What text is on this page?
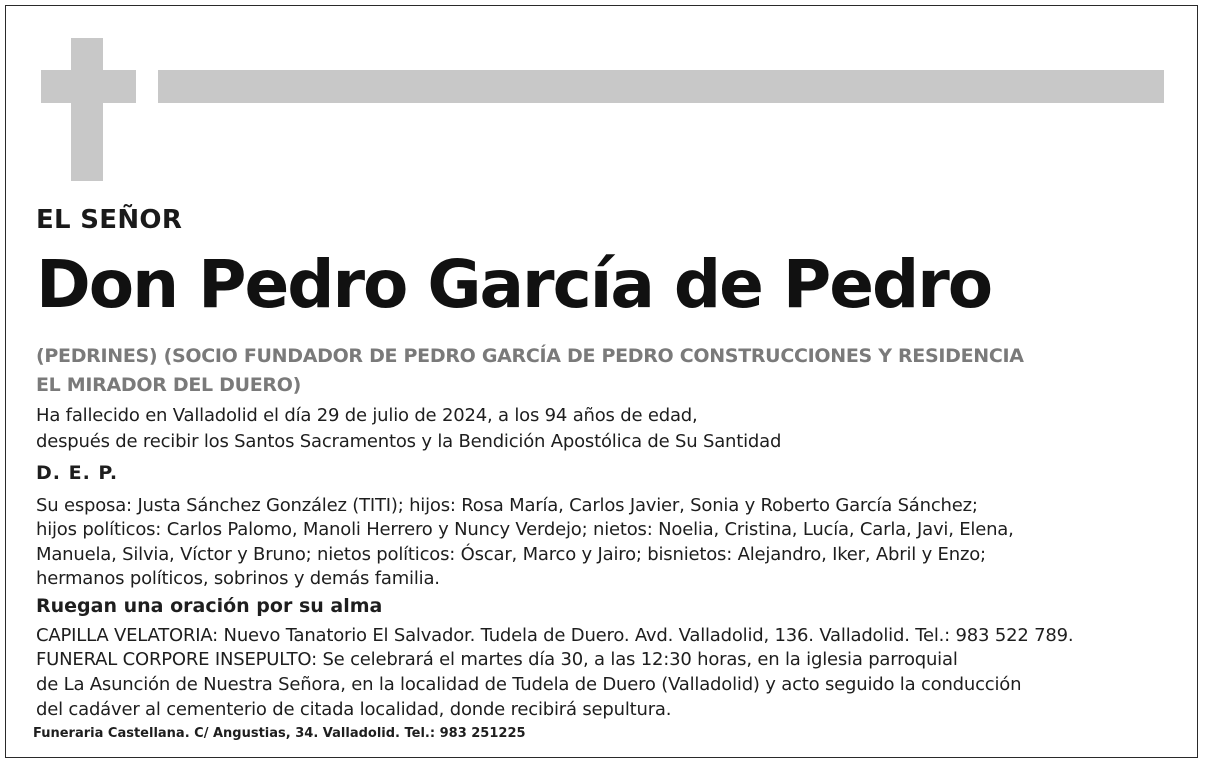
EL SEÑOR

Don Pedro García de Pedro

(PEDRINES) (SOCIO FUNDADOR DE PEDRO GARCÍA DE PEDRO CONSTRUCCIONES Y RESIDENCIA

EL MIRADOR DEL DUERO)

Ha fallecido en Valladolid el día 29 de julio de 2024, a los 94 años de edad,

después de recibir los Santos Sacramentos y la Bendición Apostólica de Su Santidad

D. E. P.

Su esposa: Justa Sánchez González (TITI); hijos: Rosa María, Carlos Javier, Sonia y Roberto García Sánchez;

hijos políticos: Carlos Palomo, Manoli Herrero y Nuncy Verdejo; nietos: Noelia, Cristina, Lucía, Carla, Javi, Elena,

Manuela, Silvia, Víctor y Bruno; nietos políticos: Óscar, Marco y Jairo; bisnietos: Alejandro, Iker, Abril y Enzo;

hermanos políticos, sobrinos y demás familia.

Ruegan una oración por su alma

CAPILLA VELATORIA: Nuevo Tanatorio El Salvador. Tudela de Duero. Avd. Valladolid, 136. Valladolid. Tel.: 983 522 789.

FUNERAL CORPORE INSEPULTO: Se celebrará el martes día 30, a las 12:30 horas, en la iglesia parroquial

de La Asunción de Nuestra Señora, en la localidad de Tudela de Duero (Valladolid) y acto seguido la conducción

del cadáver al cementerio de citada localidad, donde recibirá sepultura.

Funeraria Castellana. C/ Angustias, 34. Valladolid. Tel.: 983 251225
